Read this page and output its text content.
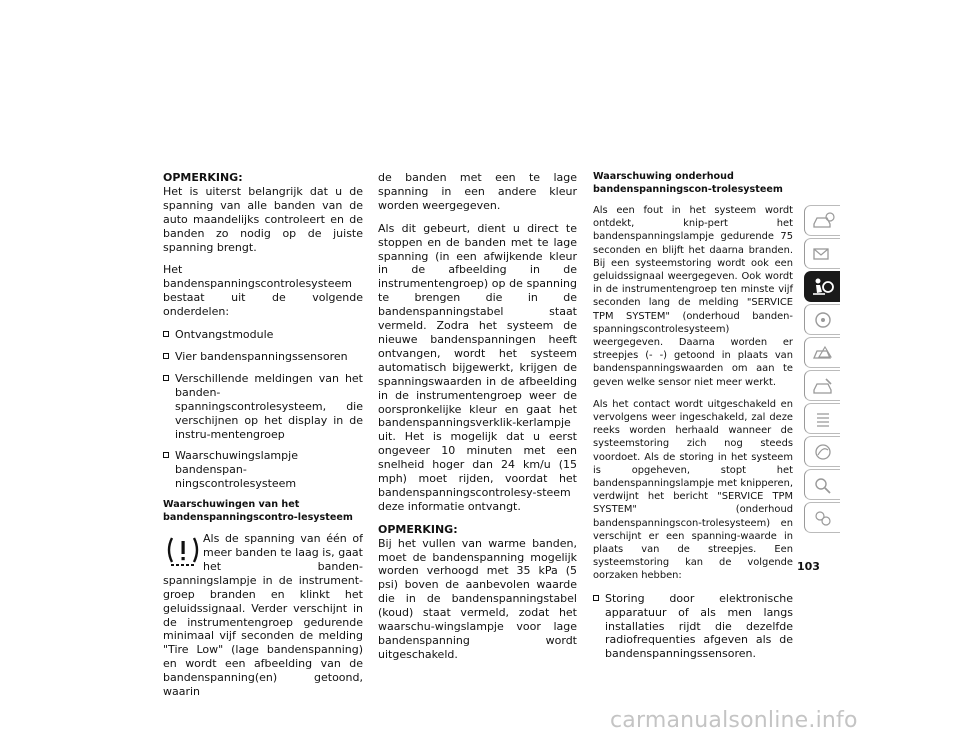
OPMERKING:

Het is uiterst belangrijk dat u de spanning van alle banden van de auto maandelijks controleert en de banden zo nodig op de juiste spanning brengt.

Het bandenspanningscontrolesysteem bestaat uit de volgende onderdelen:

Ontvangstmodule
Vier bandenspanningssensoren
Verschillende meldingen van het banden-spanningscontrolesysteem, die verschijnen op het display in de instru-mentengroep
Waarschuwingslampje bandenspan-ningscontrolesysteem
Waarschuwingen van het bandenspanningscontro-lesysteem

Als de spanning van één of meer banden te laag is, gaat het banden-spanningslampje in de instrument-groep branden en klinkt het geluidssignaal. Verder verschijnt in de instrumentengroep gedurende minimaal vijf seconden de melding "Tire Low" (lage bandenspanning) en wordt een afbeelding van de bandenspanning(en) getoond, waarin

de banden met een te lage spanning in een andere kleur worden weergegeven.

Als dit gebeurt, dient u direct te stoppen en de banden met te lage spanning (in een afwijkende kleur in de afbeelding in de instrumentengroep) op de spanning te brengen die in de bandenspanningstabel staat vermeld. Zodra het systeem de nieuwe bandenspanningen heeft ontvangen, wordt het systeem automatisch bijgewerkt, krijgen de spanningswaarden in de afbeelding in de instrumentengroep weer de oorspronkelijke kleur en gaat het bandenspanningsverklik-kerlampje uit. Het is mogelijk dat u eerst ongeveer 10 minuten met een snelheid hoger dan 24 km/u (15 mph) moet rijden, voordat het bandenspanningscontrolesy-steem deze informatie ontvangt.

OPMERKING:

Bij het vullen van warme banden, moet de bandenspanning mogelijk worden verhoogd met 35 kPa (5 psi) boven de aanbevolen waarde die in de bandenspanningstabel (koud) staat vermeld, zodat het waarschu-wingslampje voor lage bandenspanning wordt uitgeschakeld.

Waarschuwing onderhoud bandenspanningscon-trolesysteem

Als een fout in het systeem wordt ontdekt, knip-pert het bandenspanningslampje gedurende 75 seconden en blijft het daarna branden. Bij een systeemstoring wordt ook een geluidssignaal weergegeven. Ook wordt in de instrumentengroep ten minste vijf seconden lang de melding "SERVICE TPM SYSTEM" (onderhoud banden-spanningscontrolesysteem) weergegeven. Daarna worden er streepjes (- -) getoond in plaats van bandenspanningswaarden om aan te geven welke sensor niet meer werkt.

Als het contact wordt uitgeschakeld en vervolgens weer ingeschakeld, zal deze reeks worden herhaald wanneer de systeemstoring zich nog steeds voordoet. Als de storing in het systeem is opgeheven, stopt het bandenspanningslampje met knipperen, verdwijnt het bericht "SERVICE TPM SYSTEM" (onderhoud bandenspanningscon-trolesysteem) en verschijnt er een spanning-waarde in plaats van de streepjes. Een systeemstoring kan de volgende oorzaken hebben:

Storing door elektronische apparatuur of als men langs installaties rijdt die dezelfde radiofrequenties afgeven als de bandenspanningssensoren.
103
carmanualsonline.info
